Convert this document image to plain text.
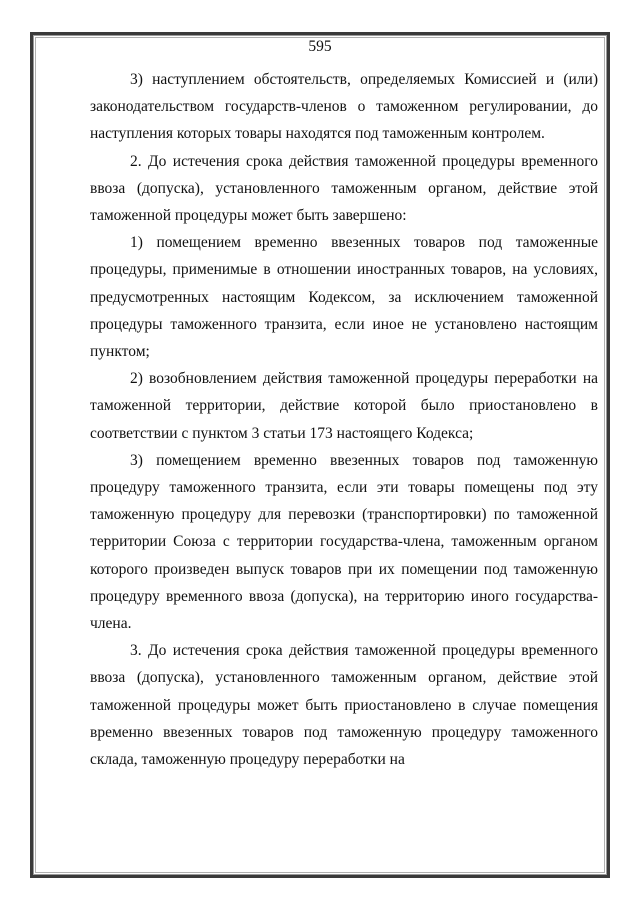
595

3) наступлением обстоятельств, определяемых Комиссией и (или) законодательством государств-членов о таможенном регулировании, до наступления которых товары находятся под таможенным контролем.

2. До истечения срока действия таможенной процедуры временного ввоза (допуска), установленного таможенным органом, действие этой таможенной процедуры может быть завершено:

1) помещением временно ввезенных товаров под таможенные процедуры, применимые в отношении иностранных товаров, на условиях, предусмотренных настоящим Кодексом, за исключением таможенной процедуры таможенного транзита, если иное не установлено настоящим пунктом;

2) возобновлением действия таможенной процедуры переработки на таможенной территории, действие которой было приостановлено в соответствии с пунктом 3 статьи 173 настоящего Кодекса;

3) помещением временно ввезенных товаров под таможенную процедуру таможенного транзита, если эти товары помещены под эту таможенную процедуру для перевозки (транспортировки) по таможенной территории Союза с территории государства-члена, таможенным органом которого произведен выпуск товаров при их помещении под таможенную процедуру временного ввоза (допуска), на территорию иного государства-члена.

3. До истечения срока действия таможенной процедуры временного ввоза (допуска), установленного таможенным органом, действие этой таможенной процедуры может быть приостановлено в случае помещения временно ввезенных товаров под таможенную процедуру таможенного склада, таможенную процедуру переработки на
